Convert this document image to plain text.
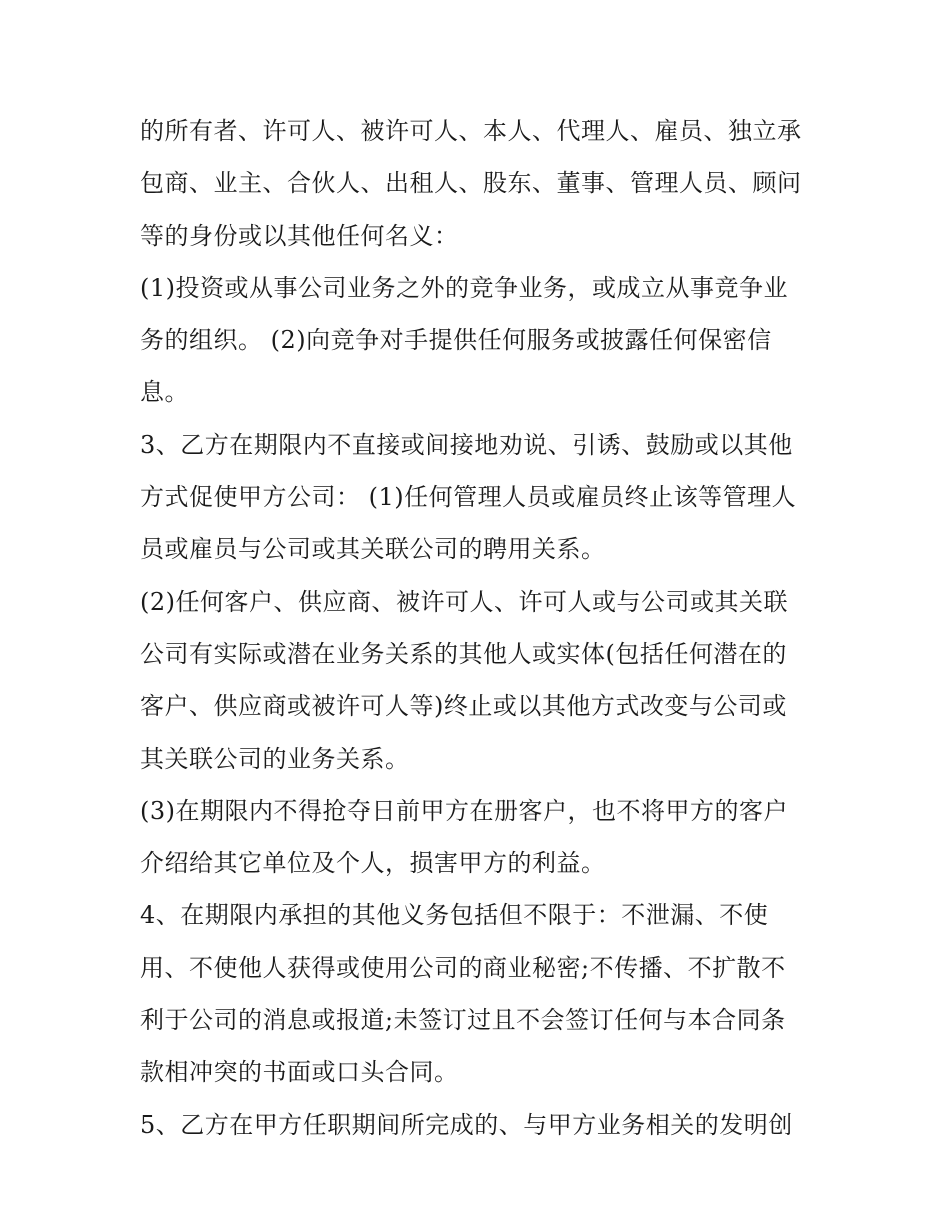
的所有者、许可人、被许可人、本人、代理人、雇员、独立承
包商、业主、合伙人、出租人、股东、董事、管理人员、顾问
等的身份或以其他任何名义：
(1)投资或从事公司业务之外的竞争业务，或成立从事竞争业
务的组织。 (2)向竞争对手提供任何服务或披露任何保密信
息。
3、乙方在期限内不直接或间接地劝说、引诱、鼓励或以其他
方式促使甲方公司： (1)任何管理人员或雇员终止该等管理人
员或雇员与公司或其关联公司的聘用关系。
(2)任何客户、供应商、被许可人、许可人或与公司或其关联
公司有实际或潜在业务关系的其他人或实体(包括任何潜在的
客户、供应商或被许可人等)终止或以其他方式改变与公司或
其关联公司的业务关系。
(3)在期限内不得抢夺日前甲方在册客户，也不将甲方的客户
介绍给其它单位及个人，损害甲方的利益。
4、在期限内承担的其他义务包括但不限于：不泄漏、不使
用、不使他人获得或使用公司的商业秘密;不传播、不扩散不
利于公司的消息或报道;未签订过且不会签订任何与本合同条
款相冲突的书面或口头合同。
5、乙方在甲方任职期间所完成的、与甲方业务相关的发明创
